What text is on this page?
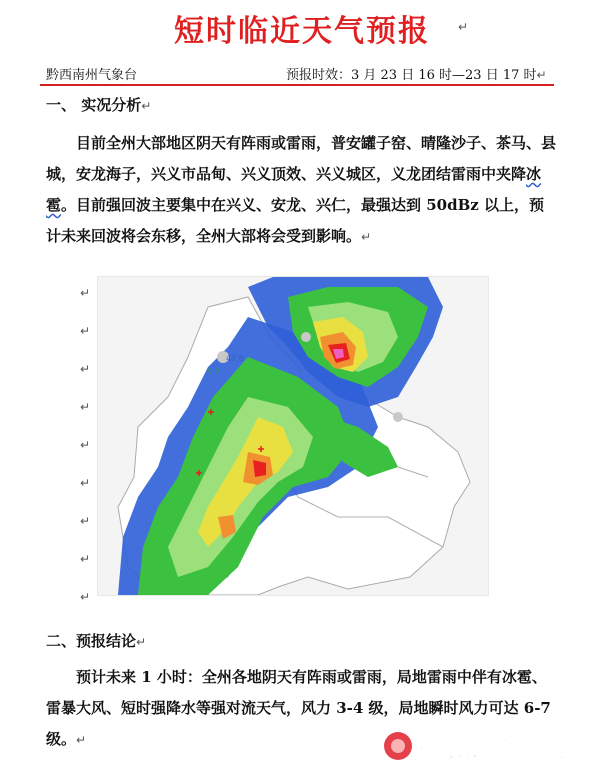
短时临近天气预报 ↵
黔西南州气象台	预报时效：3 月 23 日 16 时—23 日 17 时↵
一、 实况分析↵
目前全州大部地区阴天有阵雨或雷雨，普安罐子窑、晴隆沙子、茶马、县城，安龙海子，兴义市品甸、兴义顶效、兴义城区，义龙团结雷雨中夹降冰雹。目前强回波主要集中在兴义、安龙、兴仁，最强达到 50dBz 以上，预计未来回波将会东移，全州大部将会受到影响。↵
↵
↵
↵
↵
↵
↵
↵
↵
↵
42.8
0.5
二、预报结论↵
预计未来 1 小时：全州各地阴天有阵雨或雷雨，局地雷雨中伴有冰雹、雷暴大风、短时强降水等强对流天气，风力 3-4 级，局地瞬时风力可达 6-7 级。↵	亮点黔西南
